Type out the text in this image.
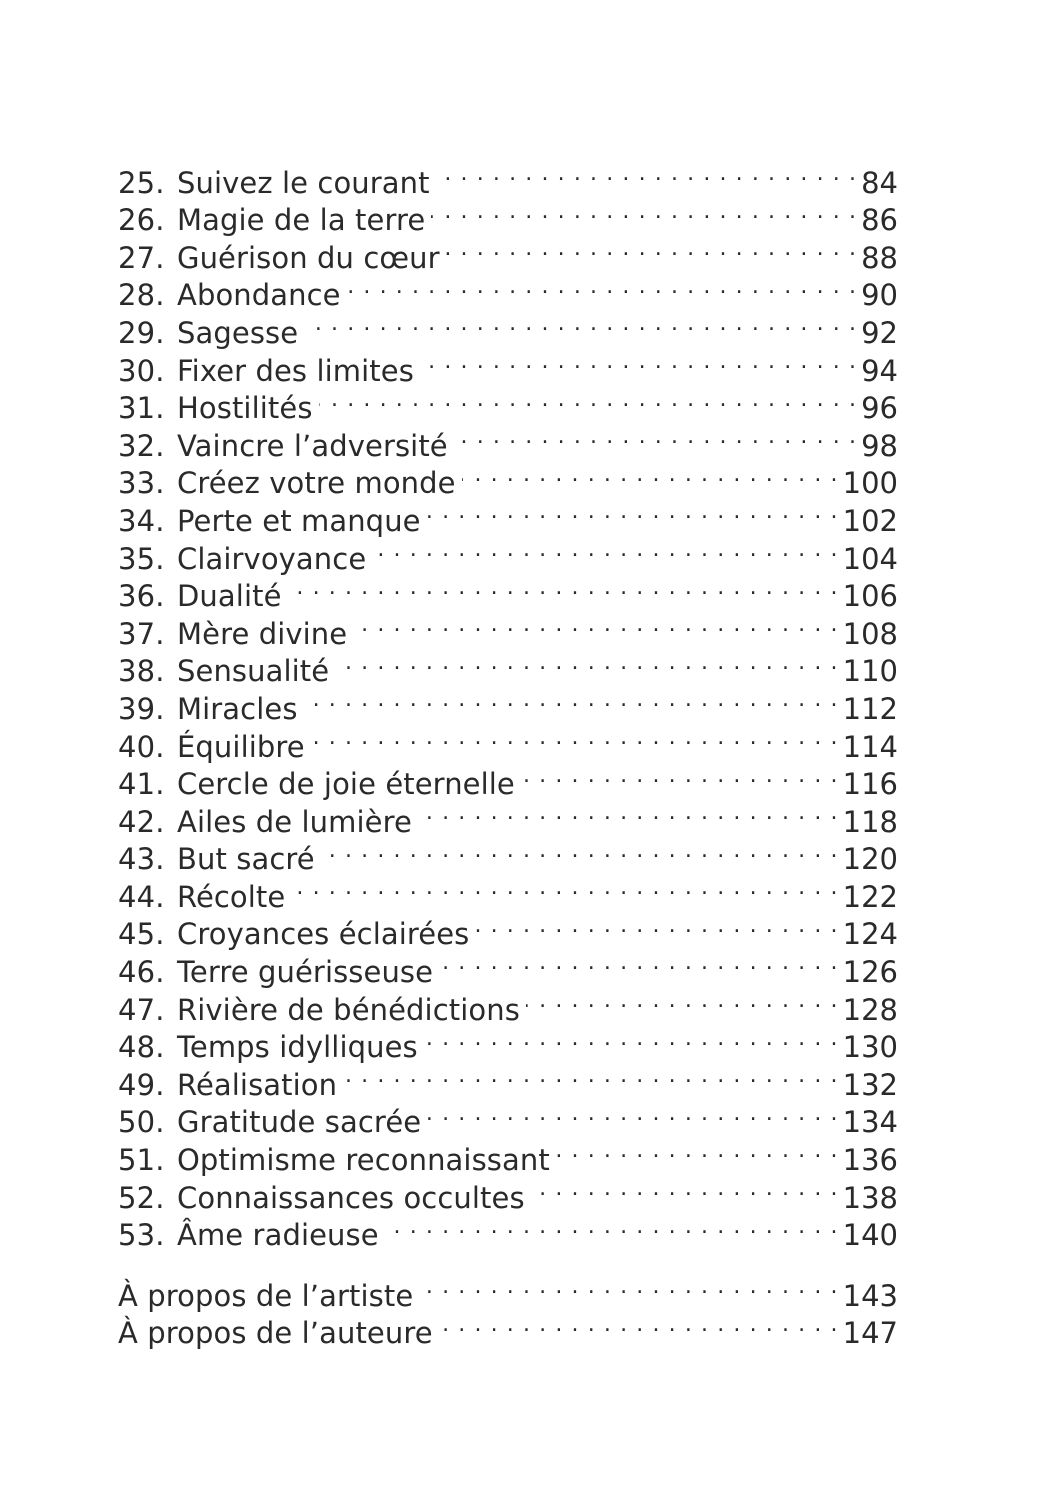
25. Suivez le courant . . .	84
26. Magie de la terre . . .	86
27. Guérison du cœur . . .	88
28. Abondance . . .	90
29. Sagesse . . .	92
30. Fixer des limites . . .	94
31. Hostilités . . .	96
32. Vaincre l’adversité . . .	98
33. Créez votre monde . . .	100
34. Perte et manque . . .	102
35. Clairvoyance . . .	104
36. Dualité . . .	106
37. Mère divine . . .	108
38. Sensualité . . .	110
39. Miracles . . .	112
40. Équilibre . . .	114
41. Cercle de joie éternelle . . .	116
42. Ailes de lumière . . .	118
43. But sacré . . .	120
44. Récolte . . .	122
45. Croyances éclairées . . .	124
46. Terre guérisseuse . . .	126
47. Rivière de bénédictions . . .	128
48. Temps idylliques . . .	130
49. Réalisation . . .	132
50. Gratitude sacrée . . .	134
51. Optimisme reconnaissant . . .	136
52. Connaissances occultes . . .	138
53. Âme radieuse . . .	140
À propos de l’artiste . . .	143
À propos de l’auteure . . .	147
